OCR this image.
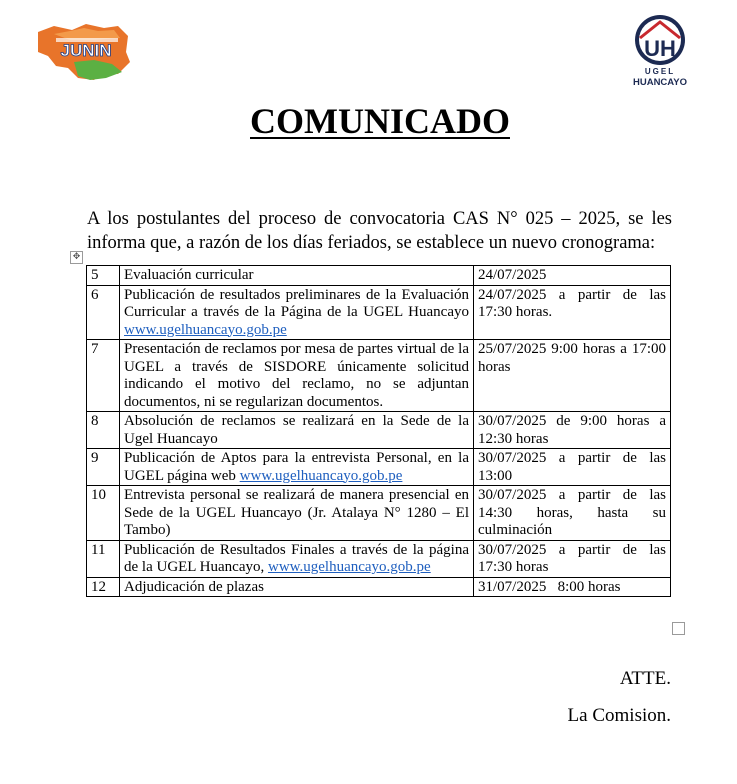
JUNIN	UH
UGEL
HUANCAYO
COMUNICADO
A los postulantes del proceso de convocatoria CAS N° 025 – 2025, se les
informa que, a razón de los días feriados, se establece un nuevo cronograma:
✥
5	Evaluación curricular	24/07/2025
6	Publicación de resultados preliminares de la Evaluación Curricular a través de la Página de la UGEL Huancayo www.ugelhuancayo.gob.pe	24/07/2025 a partir de las 17:30 horas.
7	Presentación de reclamos por mesa de partes virtual de la UGEL a través de SISDORE únicamente solicitud indicando el motivo del reclamo, no se adjuntan documentos, ni se regularizan documentos.	25/07/2025 9:00 horas a 17:00 horas
8	Absolución de reclamos se realizará en la Sede de la Ugel Huancayo	30/07/2025 de 9:00 horas a 12:30 horas
9	Publicación de Aptos para la entrevista Personal, en la UGEL página web www.ugelhuancayo.gob.pe	30/07/2025 a partir de las 13:00
10	Entrevista personal se realizará de manera presencial en Sede de la UGEL Huancayo (Jr. Atalaya N° 1280 – El Tambo)	30/07/2025 a partir de las 14:30 horas, hasta su culminación
11	Publicación de Resultados Finales a través de la página de la UGEL Huancayo, www.ugelhuancayo.gob.pe	30/07/2025 a partir de las 17:30 horas
12	Adjudicación de plazas	31/07/2025   8:00 horas
ATTE.
La Comision.
